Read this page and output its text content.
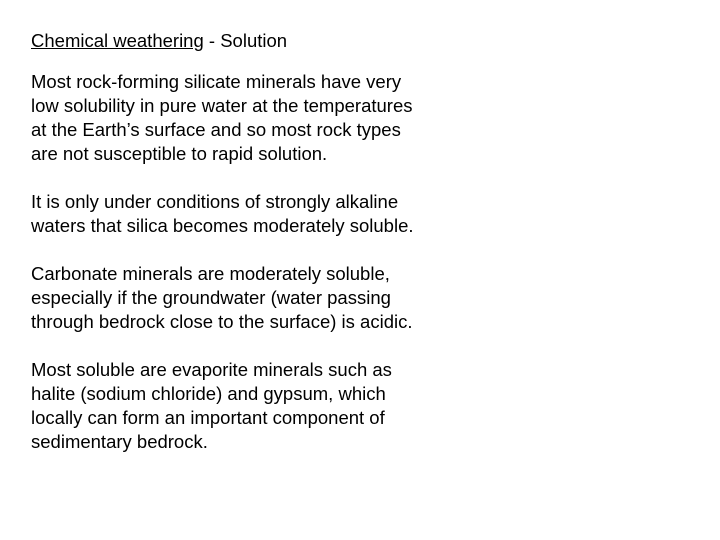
Chemical weathering - Solution
Most rock-forming silicate minerals have very
low solubility in pure water at the temperatures
at the Earth’s surface and so most rock types
are not susceptible to rapid solution.
It is only under conditions of strongly alkaline
waters that silica becomes moderately soluble.
Carbonate minerals are moderately soluble,
especially if the groundwater (water passing
through bedrock close to the surface) is acidic.
Most soluble are evaporite minerals such as
halite (sodium chloride) and gypsum, which
locally can form an important component of
sedimentary bedrock.
